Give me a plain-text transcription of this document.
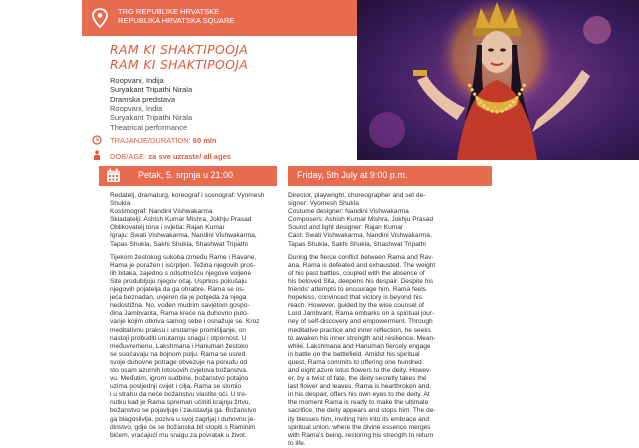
TRG REPUBLIKE HRVATSKE
REPUBLIKA HRVATSKA SQUARE
RAM KI SHAKTIPOOJA
RAM KI SHAKTIPOOJA
Roopvani, Indija
Suryakant Tripathi Nirala
Dramska predstava
Roopvani, India
Suryakant Tripathi Nirala
Theatrical performance
TRAJANJE/DURATION: 60 min
DOB/AGE: za sve uzraste/ all ages
Petak, 5. srpnja u 21:00	Friday, 5th July at 9:00 p.m.
Redatelj, dramaturg, koreograf i scenograf: Vyomesh
Shukla
Kostimograf: Nandini Vishwakarma
Skladatelji: Ashish Kumar Mishra, Jokhju Prasad
Oblikovatelj tona i svjetla: Rajan Kumar
Igraju: Swati Vishwakarma, Nandini Vishwakarma,
Tapas Shukla, Sakhi Shukla, Shashwat Tripathi
Tijekom žestokog sukoba između Rame i Ravane,
Rama je poražen i iscrpljen. Težina njegovih proš-
lih bitaka, zajedno s odsutnošću njegove voljene
Site produbljuju njegov očaj. Usprkos pokušaju
njegovih prijatelja da ga ohrabre, Rama se os-
jeća beznadan, uvjeren da je pobjeda za njega
nedostižna. No, vođen mudrim savjetom gospo-
dina Jambvanta, Rama kreće na duhovno puto-
vanje kojim otkriva samog sebe i osnažuje se. Kroz
meditativnu praksu i unutarnje promišljanje, on
nastoji probuditi unutarnju snagu i otpornost. U
međuvremenu, Lakshmana i Hanuman žestoko
se suočavaju na bojnom polju. Rama se usred
svoje duhovne potrage obvezuje na ponudu od
sto osam azurnih lotosovih cvjetova božanstva.
vu. Međutim, igrom sudbine, božanstvo potajno
uzima posljednji cvijet i cilja. Rama se slomio
i u strahu da neće božanstvu vlastite oči. U tre-
nutku kad je Rama spreman učiniti krajnju žrtvu,
božanstvo se pojavljuje i zaustavlja ga. Božanstvo
ga blagoslivlja, poziva u svoj zagrljaj i duhovno je-
dinstvo, gdje će se božanska bit stopiti s Raminim
bićem, vraćajući mu snagu za povratak u život.
Director, playwright, choreographer and set de-
signer: Vyomesh Shukla
Costume designer: Nandini Vishwakarma
Composers: Ashish Kumar Mishra, Jokhju Prasad
Sound and light designer: Rajan Kumar
Cast: Swati Vishwakarma, Nandini Vishwakarma,
Tapas Shukla, Sakhi Shukla, Shashwat Tripathi
During the fierce conflict between Rama and Rav-
ana, Rama is defeated and exhausted. The weight
of his past battles, coupled with the absence of
his beloved Sita, deepens his despair. Despite his
friends' attempts to encourage him, Rama feels
hopeless, convinced that victory is beyond his
reach. However, guided by the wise counsel of
Lord Jambvant, Rama embarks on a spiritual jour-
ney of self-discovery and empowerment. Through
meditative practice and inner reflection, he seeks
to awaken his inner strength and resilience. Mean-
while, Lakshmana and Hanuman fiercely engage
in battle on the battlefield. Amidst his spiritual
quest, Rama commits to offering one hundred
and eight azure lotus flowers to the deity. Howev-
er, by a twist of fate, the deity secretly takes the
last flower and leaves. Rama is heartbroken and,
in his despair, offers his own eyes to the deity. At
the moment Rama is ready to make the ultimate
sacrifice, the deity appears and stops him. The de-
ity blesses him, inviting him into its embrace and
spiritual union, where the divine essence merges
with Rama's being, restoring his strength to return
to life.
